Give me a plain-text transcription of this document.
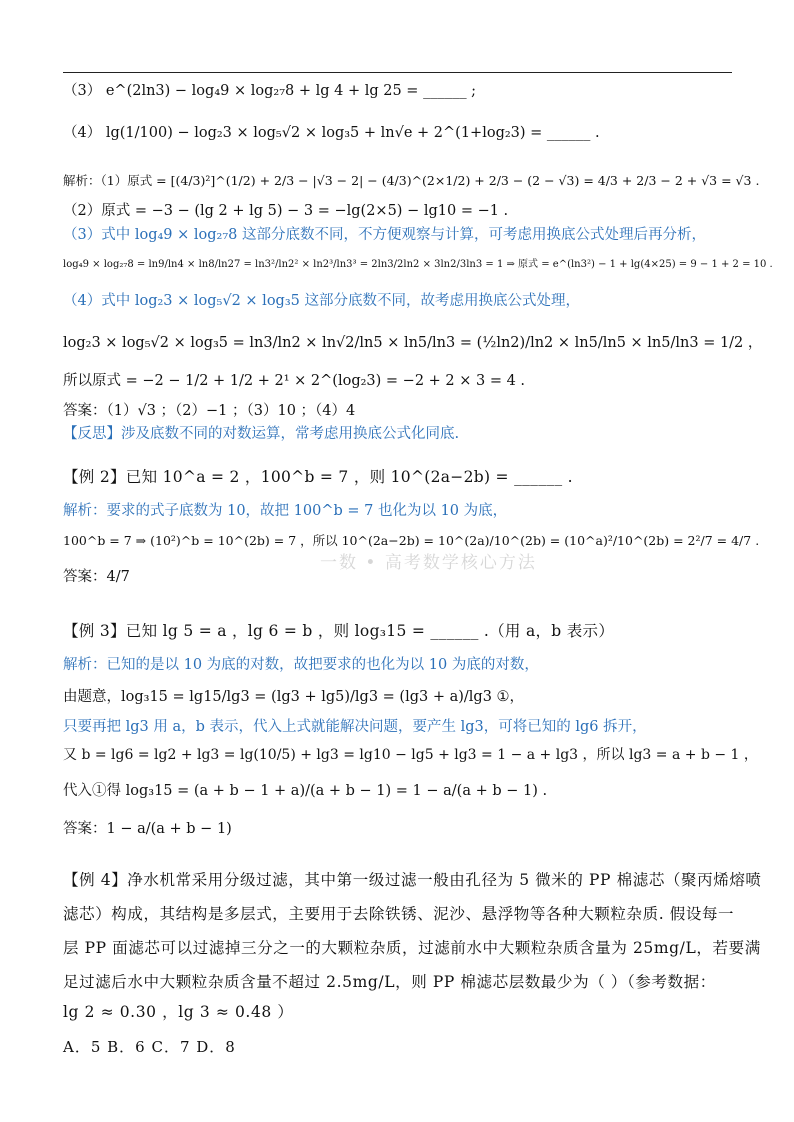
（3） e^(2ln3) − log₄9 × log₂₇8 + lg 4 + lg 25 = ______ ;
（4） lg(1/100) − log₂3 × log₅√2 × log₃5 + ln√e + 2^(1+log₂3) = ______ .
解析：（1）原式 = [(4/3)²]^(1/2) + 2/3 − |√3 − 2| − (4/3)^(2×1/2) + 2/3 − (2 − √3) = 4/3 + 2/3 − 2 + √3 = √3 .
（2）原式 = −3 − (lg 2 + lg 5) − 3 = −lg(2×5) − lg10 = −1 .
（3）式中 log₄9 × log₂₇8 这部分底数不同，不方便观察与计算，可考虑用换底公式处理后再分析，
log₄9 × log₂₇8 = ln9/ln4 × ln8/ln27 = ln3²/ln2² × ln2³/ln3³ = 2ln3/2ln2 × 3ln2/3ln3 = 1 ⇒ 原式 = e^(ln3²) − 1 + lg(4×25) = 9 − 1 + 2 = 10 .
（4）式中 log₂3 × log₅√2 × log₃5 这部分底数不同，故考虑用换底公式处理，
log₂3 × log₅√2 × log₃5 = ln3/ln2 × ln√2/ln5 × ln5/ln3 = (½ln2)/ln2 × ln5/ln5 × ln5/ln3 = 1/2 ，
所以原式 = −2 − 1/2 + 1/2 + 2¹ × 2^(log₂3) = −2 + 2 × 3 = 4 .
答案：（1）√3 ；（2）−1 ；（3）10 ；（4）4
【反思】涉及底数不同的对数运算，常考虑用换底公式化同底.
【例 2】已知 10^a = 2 ，100^b = 7 ，则 10^(2a−2b) = ______ .
解析：要求的式子底数为 10，故把 100^b = 7 也化为以 10 为底，
100^b = 7 ⇒ (10²)^b = 10^(2b) = 7 ，所以 10^(2a−2b) = 10^(2a)/10^(2b) = (10^a)²/10^(2b) = 2²/7 = 4/7 .
答案：4/7
一数 • 高考数学核心方法
【例 3】已知 lg 5 = a ，lg 6 = b ，则 log₃15 = ______ .（用 a，b 表示）
解析：已知的是以 10 为底的对数，故把要求的也化为以 10 为底的对数，
由题意，log₃15 = lg15/lg3 = (lg3 + lg5)/lg3 = (lg3 + a)/lg3 ①，
只要再把 lg3 用 a，b 表示，代入上式就能解决问题，要产生 lg3，可将已知的 lg6 拆开，
又 b = lg6 = lg2 + lg3 = lg(10/5) + lg3 = lg10 − lg5 + lg3 = 1 − a + lg3 ，所以 lg3 = a + b − 1 ，
代入①得 log₃15 = (a + b − 1 + a)/(a + b − 1) = 1 − a/(a + b − 1) .
答案：1 − a/(a + b − 1)
【例 4】净水机常采用分级过滤，其中第一级过滤一般由孔径为 5 微米的 PP 棉滤芯（聚丙烯熔喷
滤芯）构成，其结构是多层式，主要用于去除铁锈、泥沙、悬浮物等各种大颗粒杂质. 假设每一
层 PP 面滤芯可以过滤掉三分之一的大颗粒杂质，过滤前水中大颗粒杂质含量为 25mg/L，若要满
足过滤后水中大颗粒杂质含量不超过 2.5mg/L，则 PP 棉滤芯层数最少为（ ）（参考数据：
lg 2 ≈ 0.30 ，lg 3 ≈ 0.48 ）
A．5 B．6 C．7 D．8
